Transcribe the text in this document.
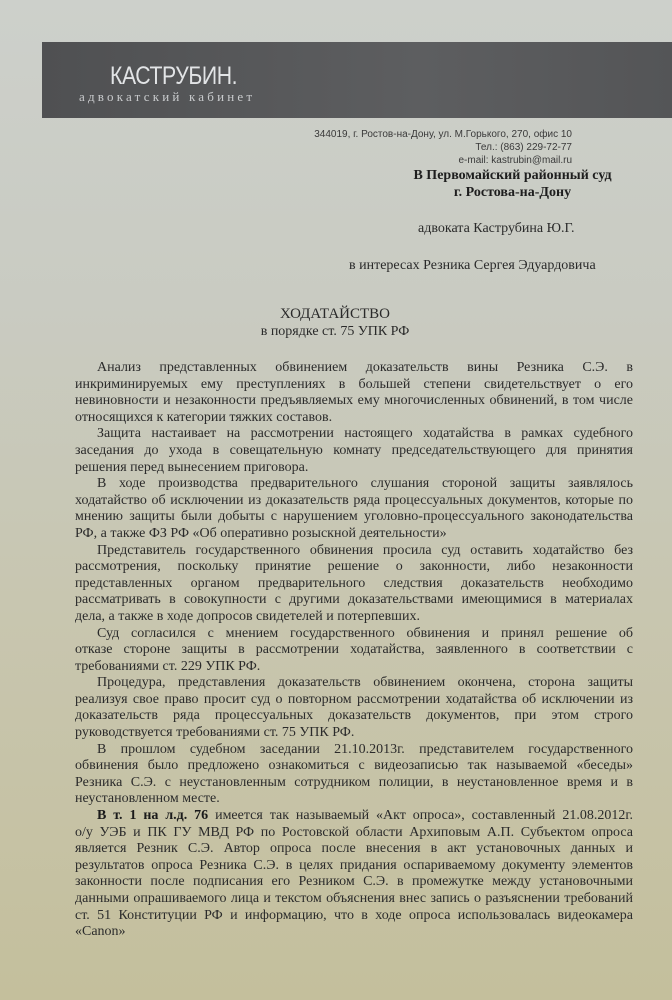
КАСТРУБИН.
адвокатский кабинет
344019, г. Ростов-на-Дону, ул. М.Горького, 270, офис 10
Тел.: (863) 229-72-77
e-mail: kastrubin@mail.ru
В Первомайский районный суд
г. Ростова-на-Дону
адвоката Каструбина Ю.Г.
в интересах Резника Сергея Эдуардовича
ХОДАТАЙСТВО
в порядке ст. 75 УПК РФ
Анализ представленных обвинением доказательств вины Резника С.Э. в
инкриминируемых ему преступлениях в большей степени свидетельствует о его
невиновности и незаконности предъявляемых ему многочисленных обвинений, в том числе
относящихся к категории тяжких составов.
Защита настаивает на рассмотрении настоящего ходатайства в рамках судебного
заседания до ухода в совещательную комнату председательствующего для принятия
решения перед вынесением приговора.
В ходе производства предварительного слушания стороной защиты заявлялось
ходатайство об исключении из доказательств ряда процессуальных документов, которые по
мнению защиты были добыты с нарушением уголовно-процессуального законодательства
РФ, а также ФЗ РФ «Об оперативно розыскной деятельности»
Представитель государственного обвинения просила суд оставить ходатайство без
рассмотрения, поскольку принятие решение о законности, либо незаконности
представленных органом предварительного следствия доказательств необходимо
рассматривать в совокупности с другими доказательствами имеющимися в материалах
дела, а также в ходе допросов свидетелей и потерпевших.
Суд согласился с мнением государственного обвинения и принял решение об
отказе стороне защиты в рассмотрении ходатайства, заявленного в соответствии с
требованиями ст. 229 УПК РФ.
Процедура, представления доказательств обвинением окончена, сторона защиты
реализуя свое право просит суд о повторном рассмотрении ходатайства об исключении из
доказательств ряда процессуальных доказательств документов, при этом строго
руководствуется требованиями ст. 75 УПК РФ.
В прошлом судебном заседании 21.10.2013г. представителем государственного
обвинения было предложено ознакомиться с видеозаписью так называемой «беседы»
Резника С.Э. с неустановленным сотрудником полиции, в неустановленное время и в
неустановленном месте.
В т. 1 на л.д. 76 имеется так называемый «Акт опроса», составленный 21.08.2012г.
о/у УЭБ и ПК ГУ МВД РФ по Ростовской области Архиповым А.П. Субъектом опроса
является Резник С.Э. Автор опроса после внесения в акт установочных данных и
результатов опроса Резника С.Э. в целях придания оспариваемому документу элементов
законности после подписания его Резником С.Э. в промежутке между установочными
данными опрашиваемого лица и текстом объяснения внес запись о разъяснении требований
ст. 51 Конституции РФ и информацию, что в ходе опроса использовалась видеокамера
«Canon»
